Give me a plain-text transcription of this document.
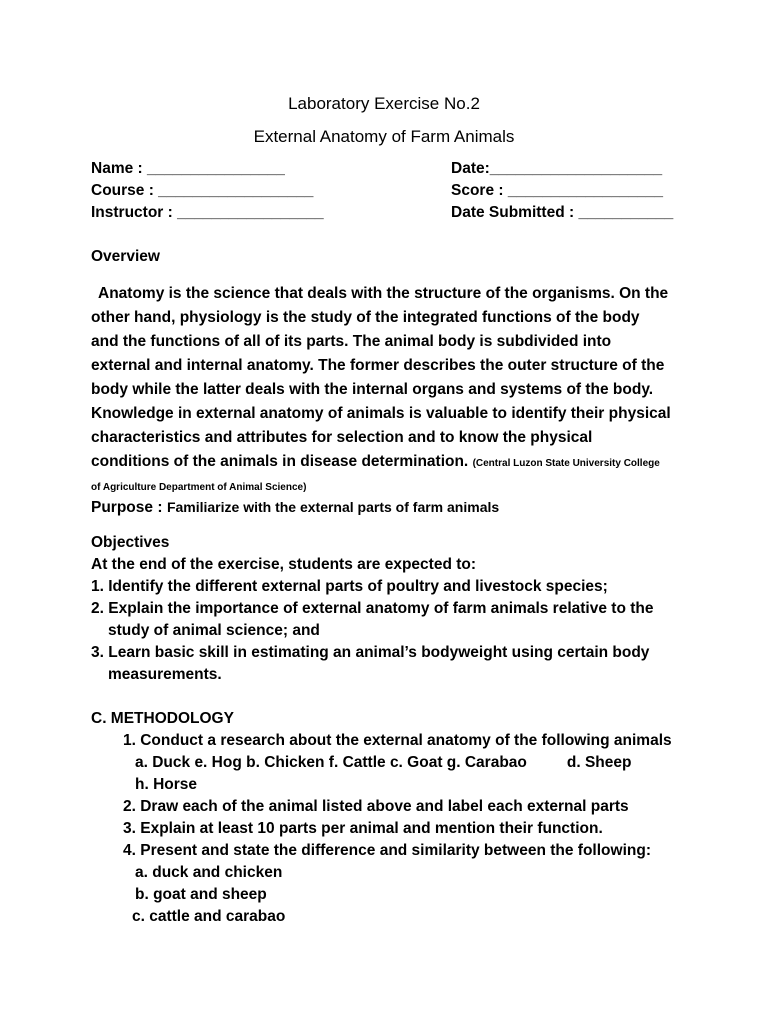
Laboratory Exercise No.2
External Anatomy of Farm Animals
Name : ________________
Course : __________________
Instructor : _________________
Date:____________________
Score : __________________
Date Submitted : ___________
Overview
Anatomy is the science that deals with the structure of the organisms. On the other hand, physiology is the study of the integrated functions of the body and the functions of all of its parts. The animal body is subdivided into external and internal anatomy. The former describes the outer structure of the body while the latter deals with the internal organs and systems of the body. Knowledge in external anatomy of animals is valuable to identify their physical characteristics and attributes for selection and to know the physical conditions of the animals in disease determination. (Central Luzon State University College of Agriculture Department of Animal Science)
Purpose : Familiarize with the external parts of farm animals
Objectives
At the end of the exercise, students are expected to:
1. Identify the different external parts of poultry and livestock species;
2. Explain the importance of external anatomy of farm animals relative to the study of animal science; and
3. Learn basic skill in estimating an animal’s bodyweight using certain body measurements.
C. METHODOLOGY
1. Conduct a research about the external anatomy of the following animals
a. Duck e. Hog b. Chicken f. Cattle c. Goat g. Carabao	d. Sheep
h. Horse
2. Draw each of the animal listed above and label each external parts
3. Explain at least 10 parts per animal and mention their function.
4. Present and state the difference and similarity between the following:
a. duck and chicken
b. goat and sheep
c. cattle and carabao
